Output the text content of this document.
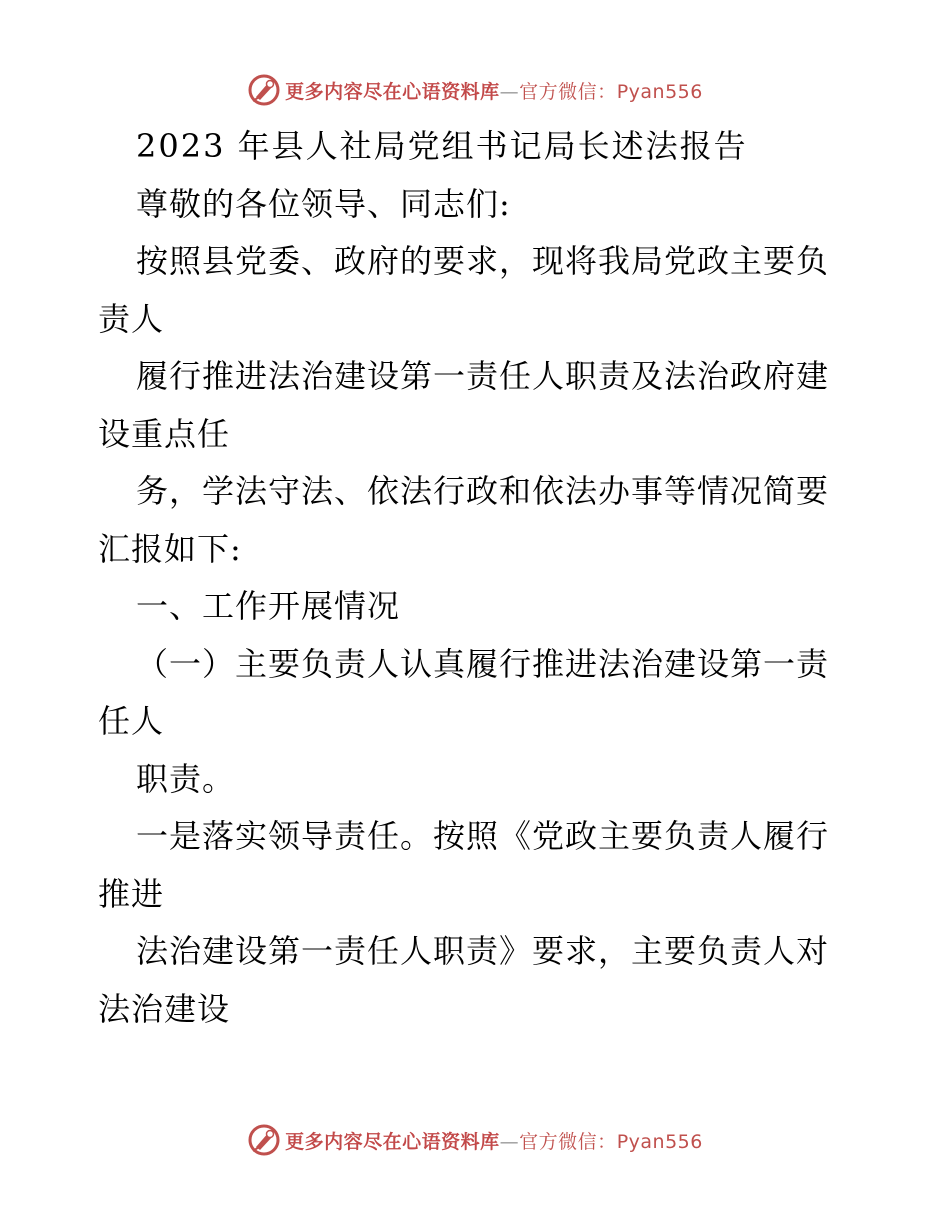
更多内容尽在心语资料库—官方微信：Pyan556
2023 年县人社局党组书记局长述法报告
尊敬的各位领导、同志们:
按照县党委、政府的要求，现将我局党政主要负
责人
履行推进法治建设第一责任人职责及法治政府建
设重点任
务，学法守法、依法行政和依法办事等情况简要
汇报如下:
一、工作开展情况
（一）主要负责人认真履行推进法治建设第一责
任人
职责。
一是落实领导责任。按照《党政主要负责人履行
推进
法治建设第一责任人职责》要求，主要负责人对
法治建设
更多内容尽在心语资料库—官方微信：Pyan556
